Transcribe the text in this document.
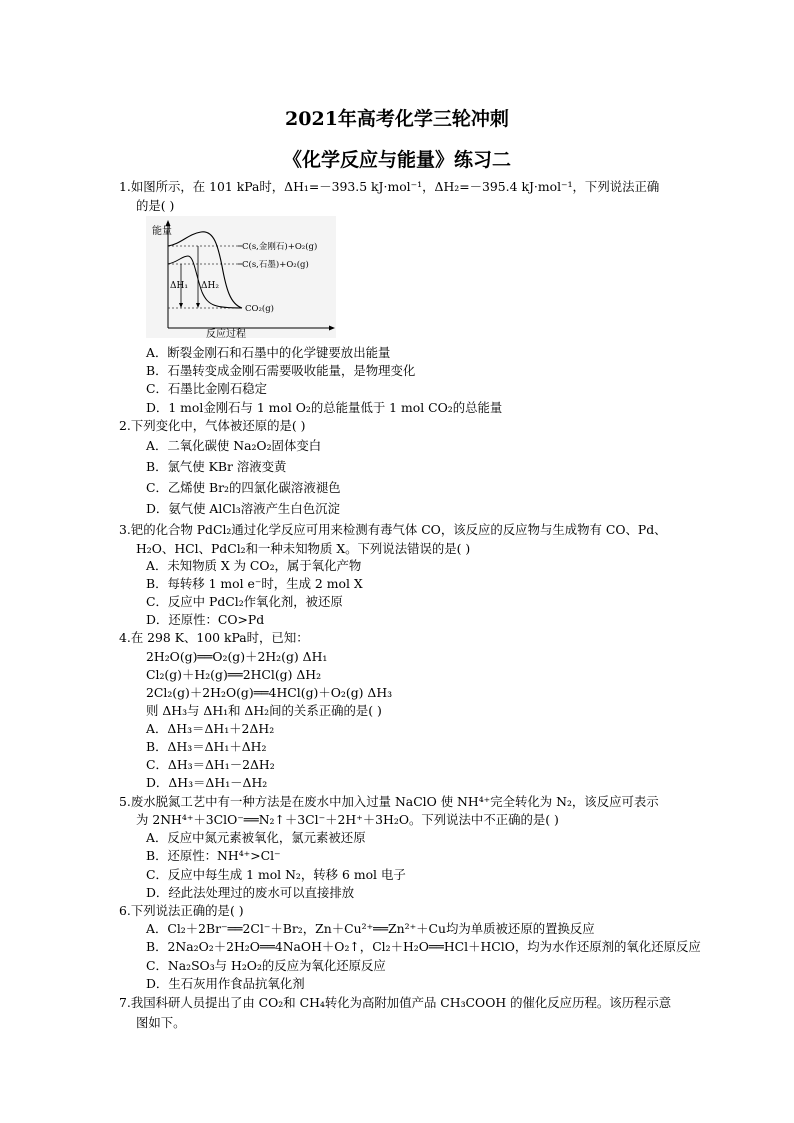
2021年高考化学三轮冲刺
《化学反应与能量》练习二
1.如图所示，在 101 kPa时，ΔH₁=－393.5 kJ·mol⁻¹，ΔH₂=－395.4 kJ·mol⁻¹，下列说法正确
的是( )
能量
ΔH₁ ΔH₂
C(s,金刚石)+O₂(g)
C(s,石墨)+O₂(g)
CO₂(g)
反应过程
A．断裂金刚石和石墨中的化学键要放出能量
B．石墨转变成金刚石需要吸收能量，是物理变化
C．石墨比金刚石稳定
D．1 mol金刚石与 1 mol O₂的总能量低于 1 mol CO₂的总能量
2.下列变化中，气体被还原的是( )
A．二氧化碳使 Na₂O₂固体变白
B．氯气使 KBr 溶液变黄
C．乙烯使 Br₂的四氯化碳溶液褪色
D．氨气使 AlCl₃溶液产生白色沉淀
3.钯的化合物 PdCl₂通过化学反应可用来检测有毒气体 CO，该反应的反应物与生成物有 CO、Pd、
H₂O、HCl、PdCl₂和一种未知物质 X。下列说法错误的是( )
A．未知物质 X 为 CO₂，属于氧化产物
B．每转移 1 mol e⁻时，生成 2 mol X
C．反应中 PdCl₂作氧化剂，被还原
D．还原性：CO>Pd
4.在 298 K、100 kPa时，已知：
2H₂O(g)══O₂(g)＋2H₂(g) ΔH₁
Cl₂(g)＋H₂(g)══2HCl(g) ΔH₂
2Cl₂(g)＋2H₂O(g)══4HCl(g)＋O₂(g) ΔH₃
则 ΔH₃与 ΔH₁和 ΔH₂间的关系正确的是( )
A．ΔH₃＝ΔH₁＋2ΔH₂
B．ΔH₃＝ΔH₁＋ΔH₂
C．ΔH₃＝ΔH₁－2ΔH₂
D．ΔH₃＝ΔH₁－ΔH₂
5.废水脱氮工艺中有一种方法是在废水中加入过量 NaClO 使 NH⁴⁺完全转化为 N₂，该反应可表示
为 2NH⁴⁺＋3ClO⁻══N₂↑＋3Cl⁻＋2H⁺＋3H₂O。下列说法中不正确的是( )
A．反应中氮元素被氧化，氯元素被还原
B．还原性：NH⁴⁺>Cl⁻
C．反应中每生成 1 mol N₂，转移 6 mol 电子
D．经此法处理过的废水可以直接排放
6.下列说法正确的是( )
A．Cl₂＋2Br⁻══2Cl⁻＋Br₂，Zn＋Cu²⁺══Zn²⁺＋Cu均为单质被还原的置换反应
B．2Na₂O₂＋2H₂O══4NaOH＋O₂↑，Cl₂＋H₂O══HCl＋HClO，均为水作还原剂的氧化还原反应
C．Na₂SO₃与 H₂O₂的反应为氧化还原反应
D．生石灰用作食品抗氧化剂
7.我国科研人员提出了由 CO₂和 CH₄转化为高附加值产品 CH₃COOH 的催化反应历程。该历程示意
图如下。
